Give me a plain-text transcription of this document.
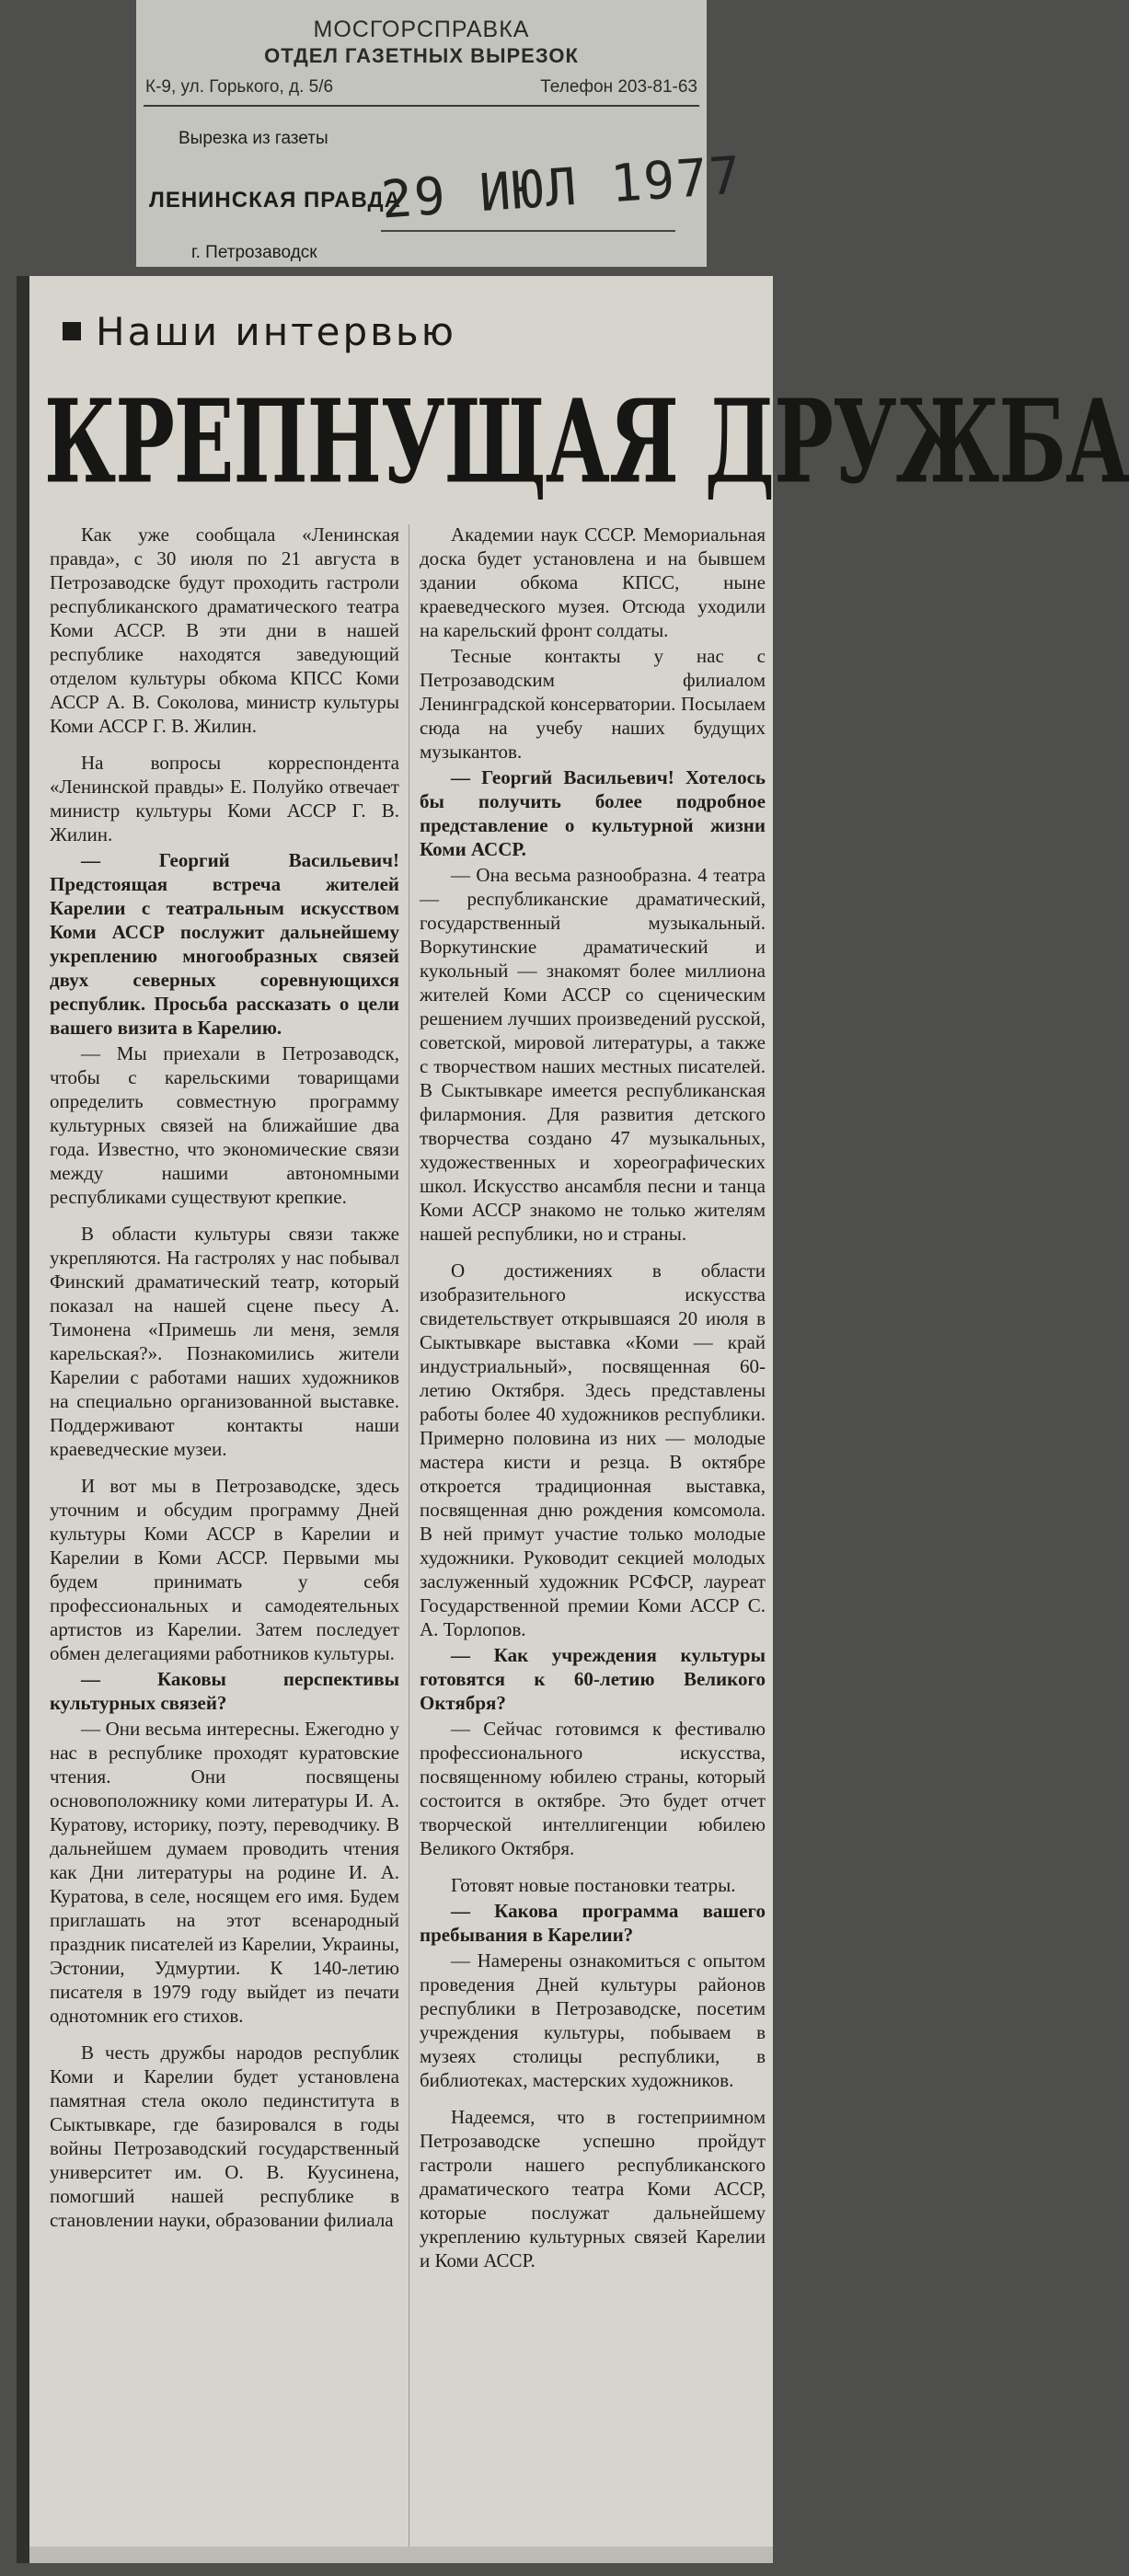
МОСГОРСПРАВКА
ОТДЕЛ ГАЗЕТНЫХ ВЫРЕЗОК
К-9, ул. Горького, д. 5/6	Телефон 203-81-63
Вырезка из газеты
ЛЕНИНСКАЯ ПРАВДА
29 ИЮЛ 1977
г. Петрозаводск
Наши интервью
КРЕПНУЩАЯ ДРУЖБА

Как уже сообщала «Ленинская правда», с 30 июля по 21 августа в Петрозаводске будут проходить гастроли республиканского драматического театра Коми АССР. В эти дни в нашей республике находятся заведующий отделом культуры обкома КПСС Коми АССР А. В. Соколова, министр культуры Коми АССР Г. В. Жилин.

На вопросы корреспондента «Ленинской правды» Е. Полуйко отвечает министр культуры Коми АССР Г. В. Жилин.

— Георгий Васильевич! Предстоящая встреча жителей Карелии с театральным искусством Коми АССР послужит дальнейшему укреплению многообразных связей двух северных соревнующихся республик. Просьба рассказать о цели вашего визита в Карелию.

— Мы приехали в Петрозаводск, чтобы с карельскими товарищами определить совместную программу культурных связей на ближайшие два года. Известно, что экономические связи между нашими автономными республиками существуют крепкие.

В области культуры связи также укрепляются. На гастролях у нас побывал Финский драматический театр, который показал на нашей сцене пьесу А. Тимонена «Примешь ли меня, земля карельская?». Познакомились жители Карелии с работами наших художников на специально организованной выставке. Поддерживают контакты наши краеведческие музеи.

И вот мы в Петрозаводске, здесь уточним и обсудим программу Дней культуры Коми АССР в Карелии и Карелии в Коми АССР. Первыми мы будем принимать у себя профессиональных и самодеятельных артистов из Карелии. Затем последует обмен делегациями работников культуры.

— Каковы перспективы культурных связей?

— Они весьма интересны. Ежегодно у нас в республике проходят куратовские чтения. Они посвящены основоположнику коми литературы И. А. Куратову, историку, поэту, переводчику. В дальнейшем думаем проводить чтения как Дни литературы на родине И. А. Куратова, в селе, носящем его имя. Будем приглашать на этот всенародный праздник писателей из Карелии, Украины, Эстонии, Удмуртии. К 140-летию писателя в 1979 году выйдет из печати однотомник его стихов.

В честь дружбы народов республик Коми и Карелии будет установлена памятная стела около пединститута в Сыктывкаре, где базировался в годы войны Петрозаводский государственный университет им. О. В. Куусинена, помогший нашей республике в становлении науки, образовании филиала

Академии наук СССР. Мемориальная доска будет установлена и на бывшем здании обкома КПСС, ныне краеведческого музея. Отсюда уходили на карельский фронт солдаты.

Тесные контакты у нас с Петрозаводским филиалом Ленинградской консерватории. Посылаем сюда на учебу наших будущих музыкантов.

— Георгий Васильевич! Хотелось бы получить более подробное представление о культурной жизни Коми АССР.

— Она весьма разнообразна. 4 театра — республиканские драматический, государственный музыкальный. Воркутинские драматический и кукольный — знакомят более миллиона жителей Коми АССР со сценическим решением лучших произведений русской, советской, мировой литературы, а также с творчеством наших местных писателей. В Сыктывкаре имеется республиканская филармония. Для развития детского творчества создано 47 музыкальных, художественных и хореографических школ. Искусство ансамбля песни и танца Коми АССР знакомо не только жителям нашей республики, но и страны.

О достижениях в области изобразительного искусства свидетельствует открывшаяся 20 июля в Сыктывкаре выставка «Коми — край индустриальный», посвященная 60-летию Октября. Здесь представлены работы более 40 художников республики. Примерно половина из них — молодые мастера кисти и резца. В октябре откроется традиционная выставка, посвященная дню рождения комсомола. В ней примут участие только молодые художники. Руководит секцией молодых заслуженный художник РСФСР, лауреат Государственной премии Коми АССР С. А. Торлопов.

— Как учреждения культуры готовятся к 60-летию Великого Октября?

— Сейчас готовимся к фестивалю профессионального искусства, посвященному юбилею страны, который состоится в октябре. Это будет отчет творческой интеллигенции юбилею Великого Октября.

Готовят новые постановки театры.

— Какова программа вашего пребывания в Карелии?

— Намерены ознакомиться с опытом проведения Дней культуры районов республики в Петрозаводске, посетим учреждения культуры, побываем в музеях столицы республики, в библиотеках, мастерских художников.

Надеемся, что в гостеприимном Петрозаводске успешно пройдут гастроли нашего республиканского драматического театра Коми АССР, которые послужат дальнейшему укреплению культурных связей Карелии и Коми АССР.
